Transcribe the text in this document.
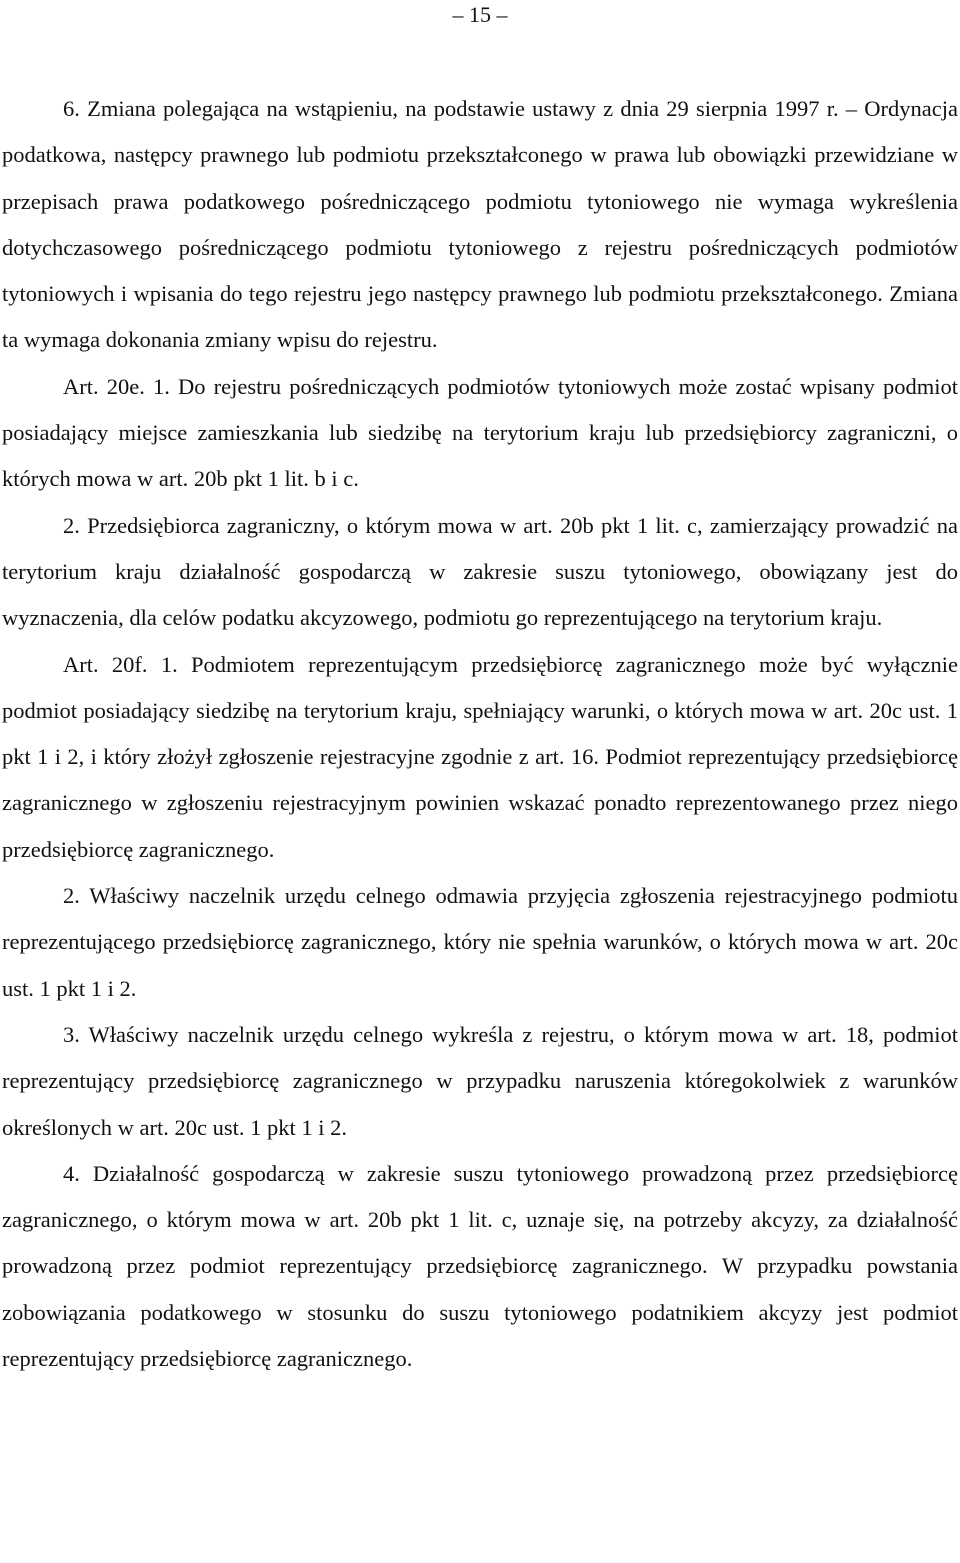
– 15 –

6. Zmiana polegająca na wstąpieniu, na podstawie ustawy z dnia 29 sierpnia 1997 r. – Ordynacja podatkowa, następcy prawnego lub podmiotu przekształconego w prawa lub obowiązki przewidziane w przepisach prawa podatkowego pośredniczącego podmiotu tytoniowego nie wymaga wykreślenia dotychczasowego pośredniczącego podmiotu tytoniowego z rejestru pośredniczących podmiotów tytoniowych i wpisania do tego rejestru jego następcy prawnego lub podmiotu przekształconego. Zmiana ta wymaga dokonania zmiany wpisu do rejestru.

Art. 20e. 1. Do rejestru pośredniczących podmiotów tytoniowych może zostać wpisany podmiot posiadający miejsce zamieszkania lub siedzibę na terytorium kraju lub przedsiębiorcy zagraniczni, o których mowa w art. 20b pkt 1 lit. b i c.

2. Przedsiębiorca zagraniczny, o którym mowa w art. 20b pkt 1 lit. c, zamierzający prowadzić na terytorium kraju działalność gospodarczą w zakresie suszu tytoniowego, obowiązany jest do wyznaczenia, dla celów podatku akcyzowego, podmiotu go reprezentującego na terytorium kraju.

Art. 20f. 1. Podmiotem reprezentującym przedsiębiorcę zagranicznego może być wyłącznie podmiot posiadający siedzibę na terytorium kraju, spełniający warunki, o których mowa w art. 20c ust. 1 pkt 1 i 2, i który złożył zgłoszenie rejestracyjne zgodnie z art. 16. Podmiot reprezentujący przedsiębiorcę zagranicznego w zgłoszeniu rejestracyjnym powinien wskazać ponadto reprezentowanego przez niego przedsiębiorcę zagranicznego.

2. Właściwy naczelnik urzędu celnego odmawia przyjęcia zgłoszenia rejestracyjnego podmiotu reprezentującego przedsiębiorcę zagranicznego, który nie spełnia warunków, o których mowa w art. 20c ust. 1 pkt 1 i 2.

3. Właściwy naczelnik urzędu celnego wykreśla z rejestru, o którym mowa w art. 18, podmiot reprezentujący przedsiębiorcę zagranicznego w przypadku naruszenia któregokolwiek z warunków określonych w art. 20c ust. 1 pkt 1 i 2.

4. Działalność gospodarczą w zakresie suszu tytoniowego prowadzoną przez przedsiębiorcę zagranicznego, o którym mowa w art. 20b pkt 1 lit. c, uznaje się, na potrzeby akcyzy, za działalność prowadzoną przez podmiot reprezentujący przedsiębiorcę zagranicznego. W przypadku powstania zobowiązania podatkowego w stosunku do suszu tytoniowego podatnikiem akcyzy jest podmiot reprezentujący przedsiębiorcę zagranicznego.
